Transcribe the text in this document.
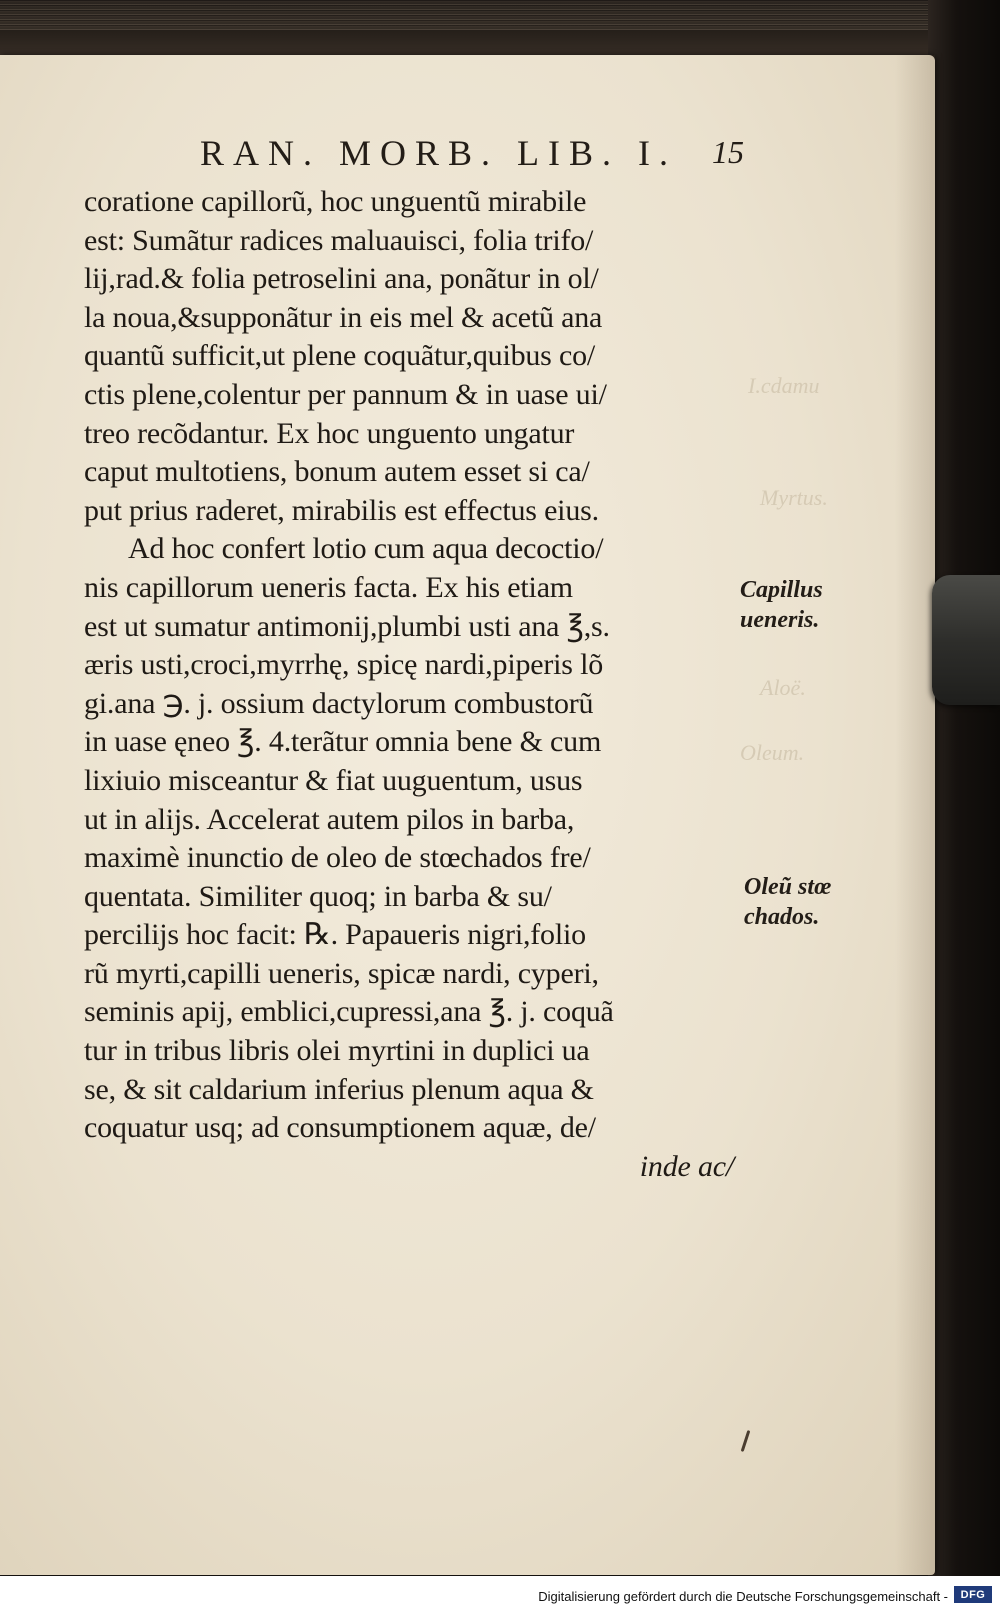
I.cdamu
Myrtus.
Aloë.
Oleum.
RAN. MORB. LIB. I.	15
coratione capillorũ, hoc unguentũ mirabile
est: Sumãtur radices maluauisci, folia trifo/
lij,rad.& folia petroselini ana, ponãtur in ol/
la noua,&supponãtur in eis mel & acetũ ana
quantũ sufficit,ut plene coquãtur,quibus co/
ctis plene,colentur per pannum & in uase ui/
treo recõdantur. Ex hoc unguento ungatur
caput multotiens, bonum autem esset si ca/
put prius raderet, mirabilis est effectus eius.
Ad hoc confert lotio cum aqua decoctio/
nis capillorum ueneris facta. Ex his etiam
est ut sumatur antimonij,plumbi usti ana ℥,s.
æris usti,croci,myrrhę, spicę nardi,piperis lõ
gi.ana ℈. j. ossium dactylorum combustorũ
in uase ęneo ℥. 4.terãtur omnia bene & cum
lixiuio misceantur & fiat uuguentum, usus
ut in alijs. Accelerat autem pilos in barba,
maximè inunctio de oleo de stœchados fre/
quentata. Similiter quoq; in barba & su/
percilijs hoc facit: ℞. Papaueris nigri,folio
rũ myrti,capilli ueneris, spicæ nardi, cyperi,
seminis apij, emblici,cupressi,ana ℥. j. coquã
tur in tribus libris olei myrtini in duplici ua
se, & sit caldarium inferius plenum aqua &
coquatur usq; ad consumptionem aquæ, de/
inde ac/
Capillus
ueneris.
Oleũ stœ
chados.
Digitalisierung gefördert durch die Deutsche Forschungsgemeinschaft -	DFG
